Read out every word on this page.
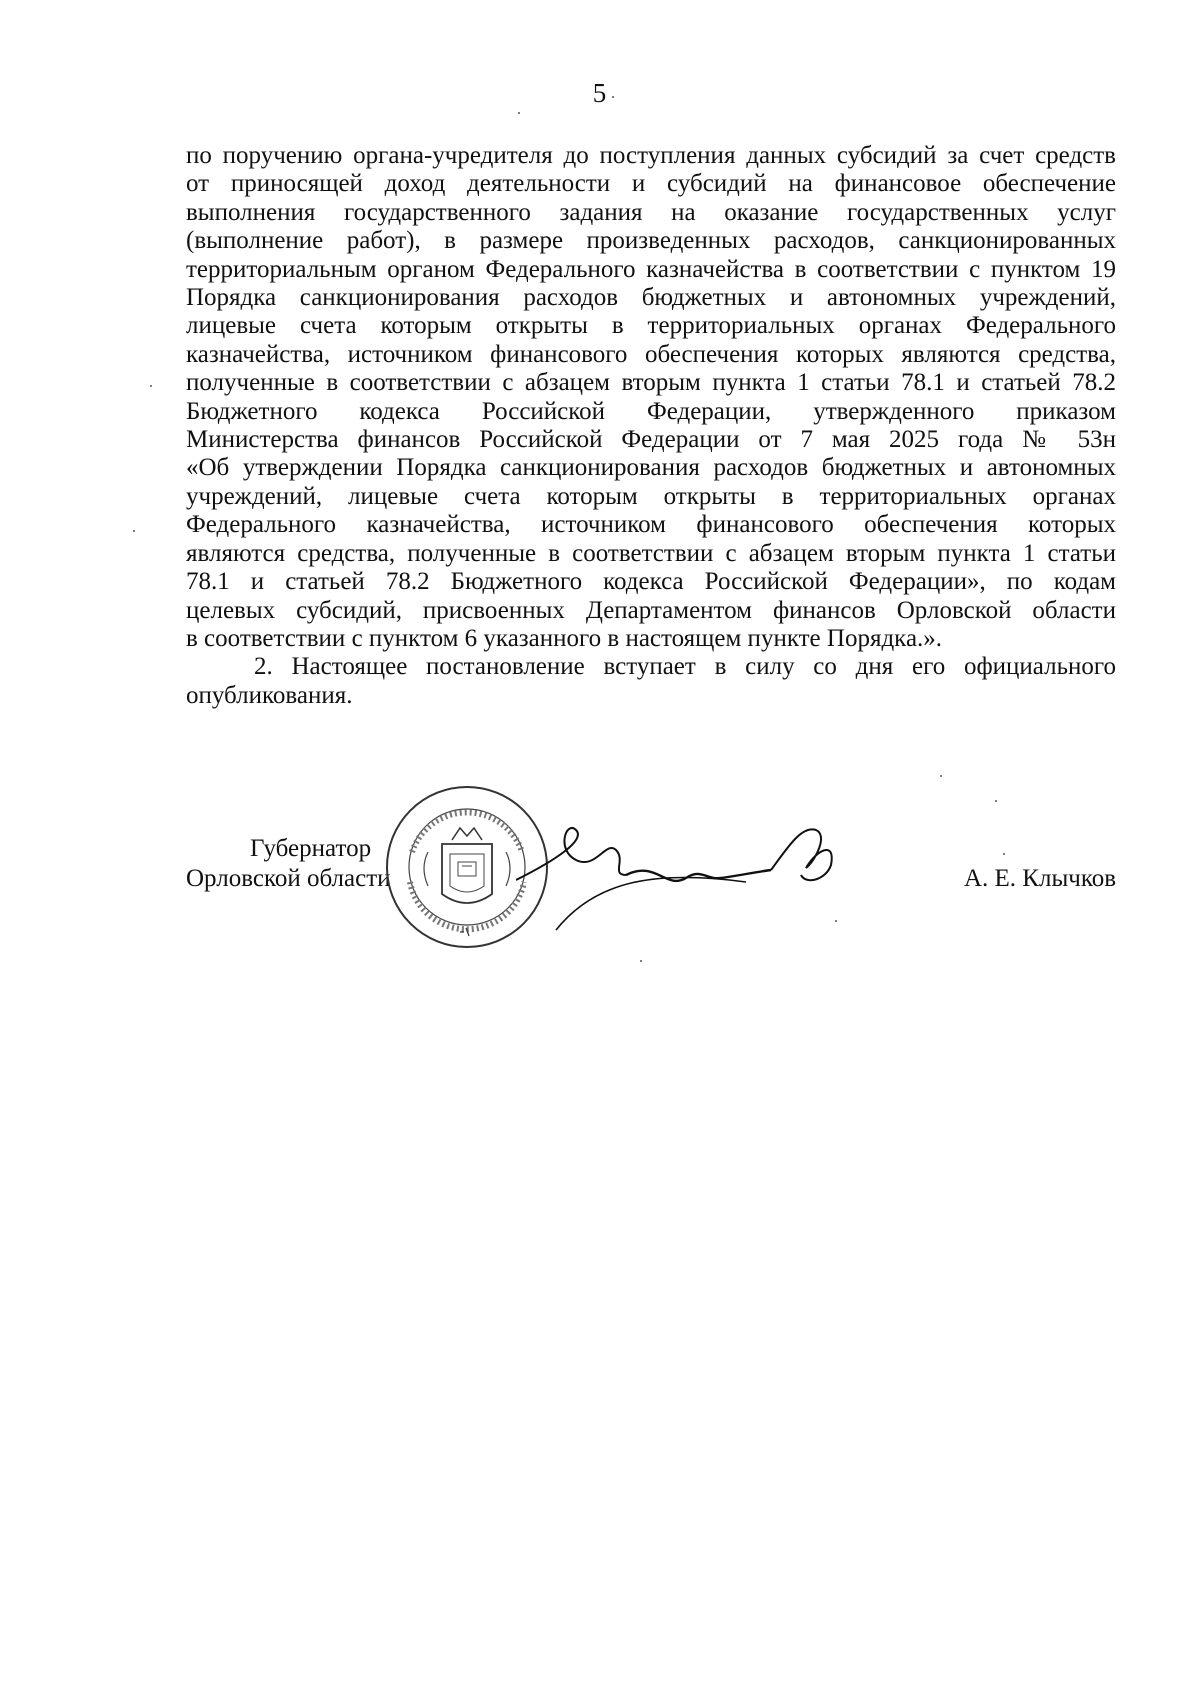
5
по поручению органа-учредителя до поступления данных субсидий за счет средств
от приносящей доход деятельности и субсидий на финансовое обеспечение
выполнения государственного задания на оказание государственных услуг
(выполнение работ), в размере произведенных расходов, санкционированных
территориальным органом Федерального казначейства в соответствии с пунктом 19
Порядка санкционирования расходов бюджетных и автономных учреждений,
лицевые счета которым открыты в территориальных органах Федерального
казначейства, источником финансового обеспечения которых являются средства,
полученные в соответствии с абзацем вторым пункта 1 статьи 78.1 и статьей 78.2
Бюджетного кодекса Российской Федерации, утвержденного приказом
Министерства финансов Российской Федерации от 7 мая 2025 года № 53н
«Об утверждении Порядка санкционирования расходов бюджетных и автономных
учреждений, лицевые счета которым открыты в территориальных органах
Федерального казначейства, источником финансового обеспечения которых
являются средства, полученные в соответствии с абзацем вторым пункта 1 статьи
78.1 и статьей 78.2 Бюджетного кодекса Российской Федерации», по кодам
целевых субсидий, присвоенных Департаментом финансов Орловской области
в соответствии с пунктом 6 указанного в настоящем пункте Порядка.».
2. Настоящее постановление вступает в силу со дня его официального
опубликования.
Губернатор
Орловской области	А. Е. Клычков
